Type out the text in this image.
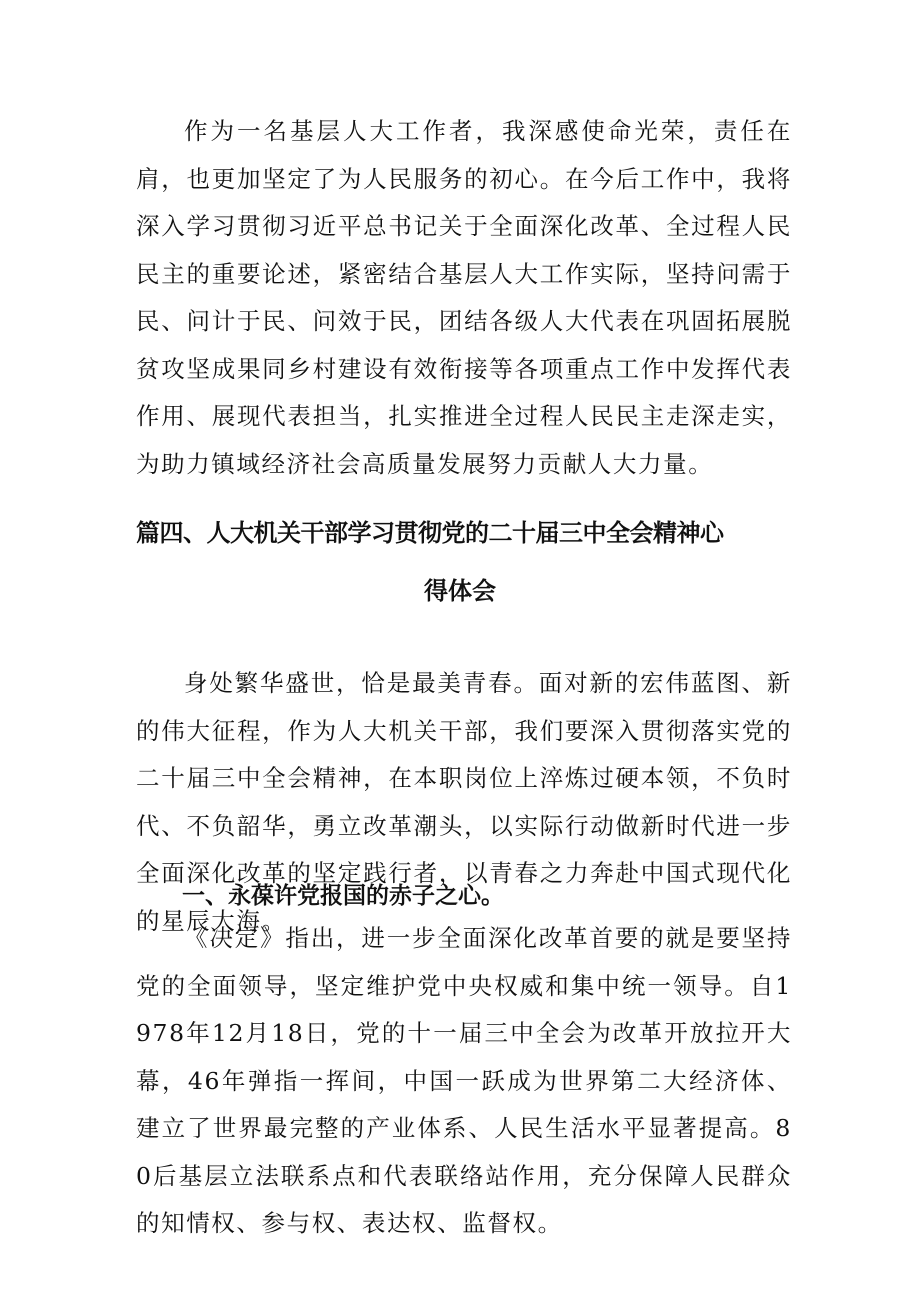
作为一名基层人大工作者，我深感使命光荣，责任在肩，也更加坚定了为人民服务的初心。在今后工作中，我将深入学习贯彻习近平总书记关于全面深化改革、全过程人民民主的重要论述，紧密结合基层人大工作实际，坚持问需于民、问计于民、问效于民，团结各级人大代表在巩固拓展脱贫攻坚成果同乡村建设有效衔接等各项重点工作中发挥代表作用、展现代表担当，扎实推进全过程人民民主走深走实，为助力镇域经济社会高质量发展努力贡献人大力量。

篇四、人大机关干部学习贯彻党的二十届三中全会精神心
得体会

身处繁华盛世，恰是最美青春。面对新的宏伟蓝图、新的伟大征程，作为人大机关干部，我们要深入贯彻落实党的二十届三中全会精神，在本职岗位上淬炼过硬本领，不负时代、不负韶华，勇立改革潮头，以实际行动做新时代进一步全面深化改革的坚定践行者，以青春之力奔赴中国式现代化的星辰大海。

一、永葆许党报国的赤子之心。

《决定》指出，进一步全面深化改革首要的就是要坚持党的全面领导，坚定维护党中央权威和集中统一领导。自1978年12月18日，党的十一届三中全会为改革开放拉开大幕，46年弹指一挥间，中国一跃成为世界第二大经济体、建立了世界最完整的产业体系、人民生活水平显著提高。80后基层立法联系点和代表联络站作用，充分保障人民群众的知情权、参与权、表达权、监督权。
